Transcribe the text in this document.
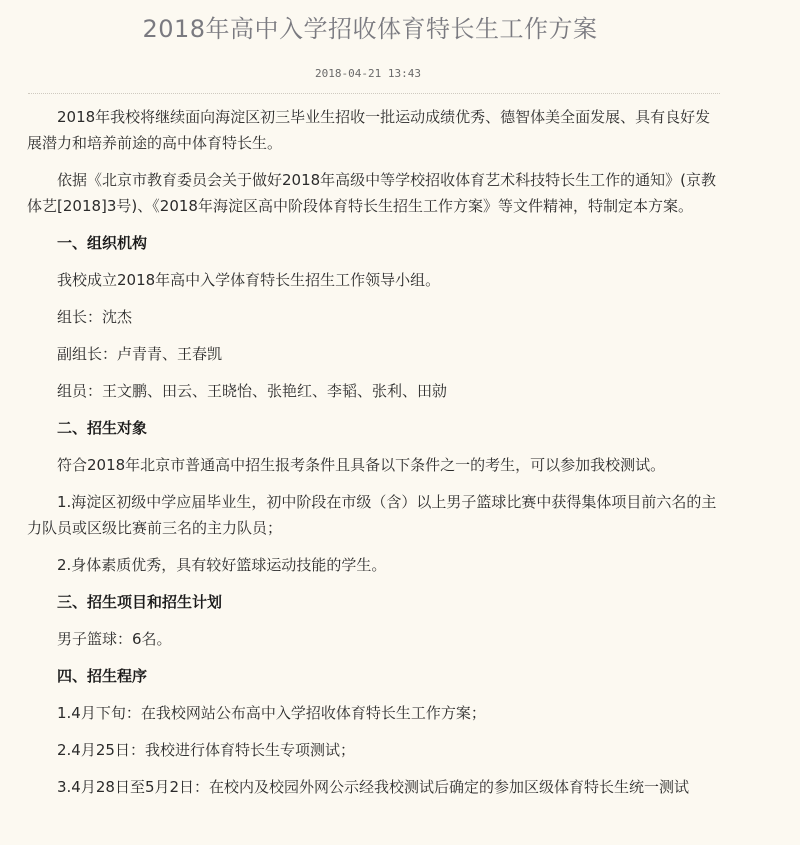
2018年高中入学招收体育特长生工作方案
2018-04-21 13:43

2018年我校将继续面向海淀区初三毕业生招收一批运动成绩优秀、德智体美全面发展、具有良好发展潜力和培养前途的高中体育特长生。

依据《北京市教育委员会关于做好2018年高级中等学校招收体育艺术科技特长生工作的通知》(京教体艺[2018]3号)、《2018年海淀区高中阶段体育特长生招生工作方案》等文件精神，特制定本方案。

一、组织机构

我校成立2018年高中入学体育特长生招生工作领导小组。

组长：沈杰

副组长：卢青青、王春凯

组员：王文鹏、田云、王晓怡、张艳红、李韬、张利、田勍

二、招生对象

符合2018年北京市普通高中招生报考条件且具备以下条件之一的考生，可以参加我校测试。

1.海淀区初级中学应届毕业生，初中阶段在市级（含）以上男子篮球比赛中获得集体项目前六名的主力队员或区级比赛前三名的主力队员；

2.身体素质优秀，具有较好篮球运动技能的学生。

三、招生项目和招生计划

男子篮球：6名。

四、招生程序

1.4月下旬：在我校网站公布高中入学招收体育特长生工作方案；

2.4月25日：我校进行体育特长生专项测试；

3.4月28日至5月2日：在校内及校园外网公示经我校测试后确定的参加区级体育特长生统一测试
